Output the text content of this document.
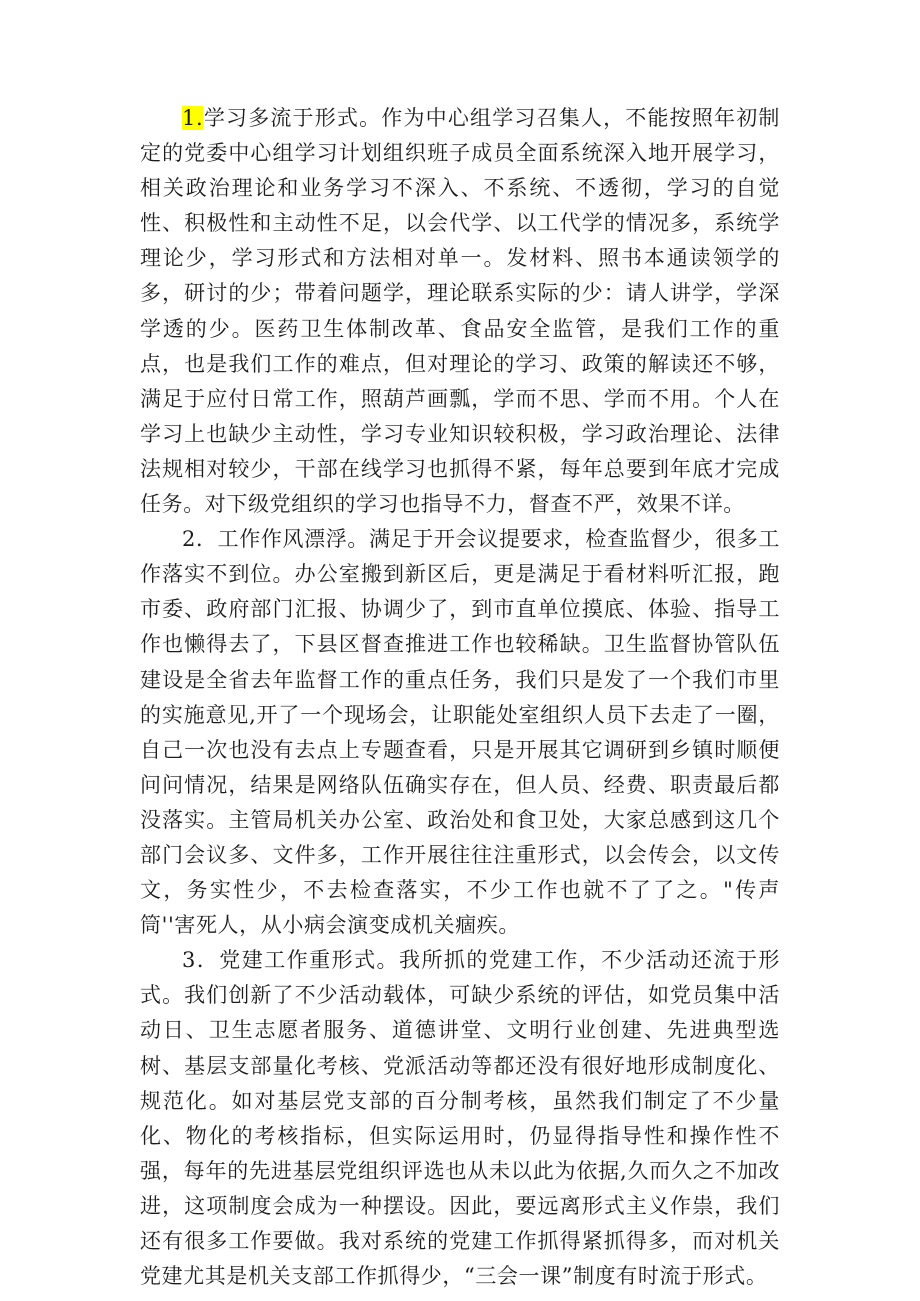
1.学习多流于形式。作为中心组学习召集人，不能按照年初制定的党委中心组学习计划组织班子成员全面系统深入地开展学习，相关政治理论和业务学习不深入、不系统、不透彻，学习的自觉性、积极性和主动性不足，以会代学、以工代学的情况多，系统学理论少，学习形式和方法相对单一。发材料、照书本通读领学的多，研讨的少；带着问题学，理论联系实际的少：请人讲学，学深学透的少。医药卫生体制改革、食品安全监管，是我们工作的重点，也是我们工作的难点，但对理论的学习、政策的解读还不够，满足于应付日常工作，照葫芦画瓢，学而不思、学而不用。个人在学习上也缺少主动性，学习专业知识较积极，学习政治理论、法律法规相对较少，干部在线学习也抓得不紧，每年总要到年底才完成任务。对下级党组织的学习也指导不力，督查不严，效果不详。

2．工作作风漂浮。满足于开会议提要求，检查监督少，很多工作落实不到位。办公室搬到新区后，更是满足于看材料听汇报，跑市委、政府部门汇报、协调少了，到市直单位摸底、体验、指导工作也懒得去了，下县区督查推进工作也较稀缺。卫生监督协管队伍建设是全省去年监督工作的重点任务，我们只是发了一个我们市里的实施意见,开了一个现场会，让职能处室组织人员下去走了一圈，自己一次也没有去点上专题查看，只是开展其它调研到乡镇时顺便问问情况，结果是网络队伍确实存在，但人员、经费、职责最后都没落实。主管局机关办公室、政治处和食卫处，大家总感到这几个部门会议多、文件多，工作开展往往注重形式，以会传会，以文传文，务实性少，不去检查落实，不少工作也就不了了之。"传声筒''害死人，从小病会演变成机关痼疾。

3．党建工作重形式。我所抓的党建工作，不少活动还流于形式。我们创新了不少活动载体，可缺少系统的评估，如党员集中活动日、卫生志愿者服务、道德讲堂、文明行业创建、先进典型选树、基层支部量化考核、党派活动等都还没有很好地形成制度化、规范化。如对基层党支部的百分制考核，虽然我们制定了不少量化、物化的考核指标，但实际运用时，仍显得指导性和操作性不强，每年的先进基层党组织评选也从未以此为依据,久而久之不加改进，这项制度会成为一种摆设。因此，要远离形式主义作祟，我们还有很多工作要做。我对系统的党建工作抓得紧抓得多，而对机关党建尤其是机关支部工作抓得少，“三会一课”制度有时流于形式。
